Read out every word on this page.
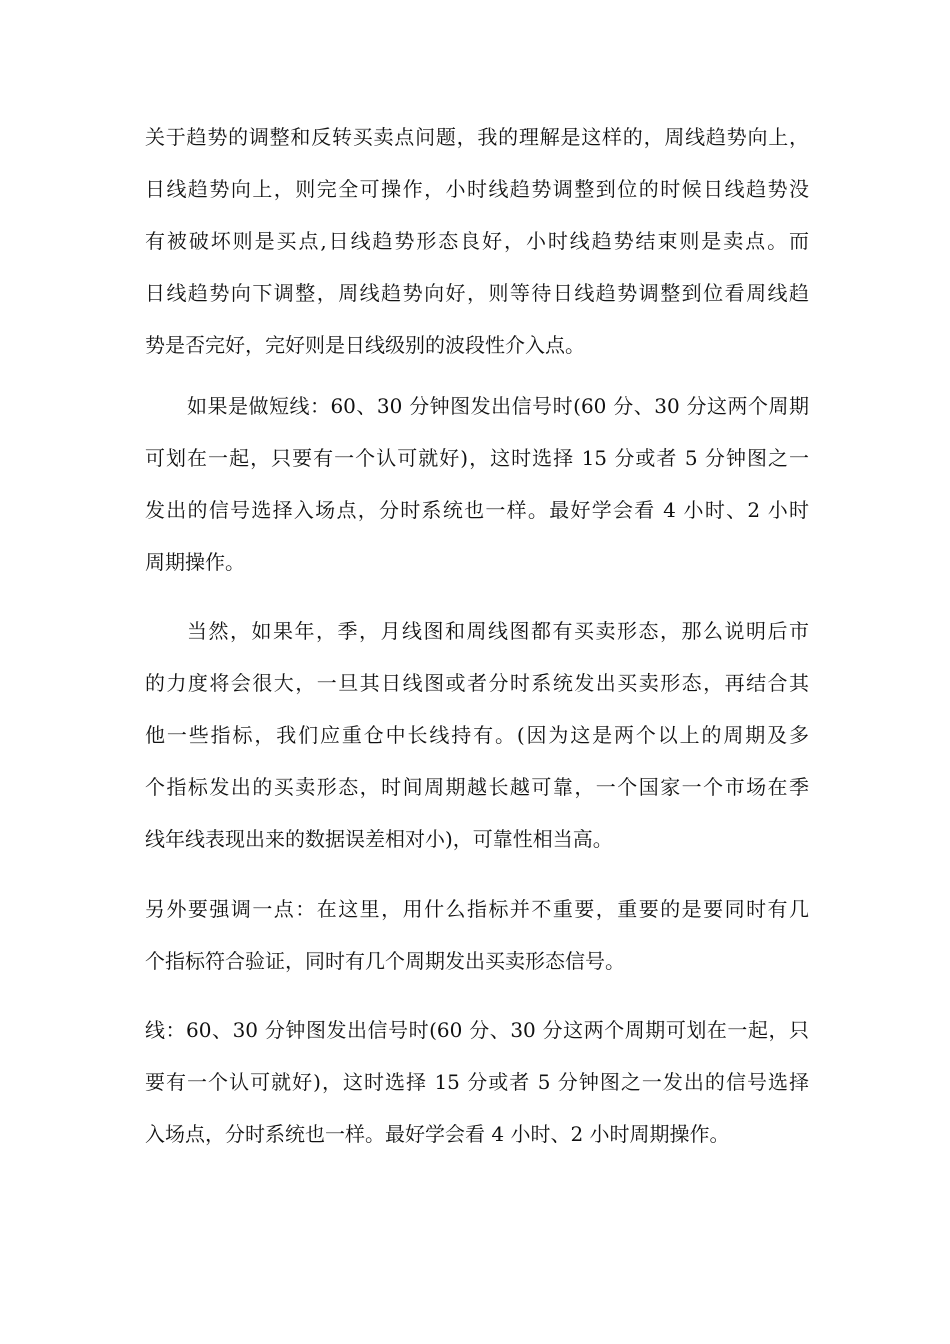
关于趋势的调整和反转买卖点问题，我的理解是这样的，周线趋势向上，
日线趋势向上，则完全可操作，小时线趋势调整到位的时候日线趋势没
有被破坏则是买点,日线趋势形态良好，小时线趋势结束则是卖点。而
日线趋势向下调整，周线趋势向好，则等待日线趋势调整到位看周线趋
势是否完好，完好则是日线级别的波段性介入点。
如果是做短线：60、30 分钟图发出信号时(60 分、30 分这两个周期
可划在一起，只要有一个认可就好)，这时选择 15 分或者 5 分钟图之一
发出的信号选择入场点，分时系统也一样。最好学会看 4 小时、2 小时
周期操作。
当然，如果年，季，月线图和周线图都有买卖形态，那么说明后市
的力度将会很大，一旦其日线图或者分时系统发出买卖形态，再结合其
他一些指标，我们应重仓中长线持有。(因为这是两个以上的周期及多
个指标发出的买卖形态，时间周期越长越可靠，一个国家一个市场在季
线年线表现出来的数据误差相对小)，可靠性相当高。
另外要强调一点：在这里，用什么指标并不重要，重要的是要同时有几
个指标符合验证，同时有几个周期发出买卖形态信号。
线：60、30 分钟图发出信号时(60 分、30 分这两个周期可划在一起，只
要有一个认可就好)，这时选择 15 分或者 5 分钟图之一发出的信号选择
入场点，分时系统也一样。最好学会看 4 小时、2 小时周期操作。
